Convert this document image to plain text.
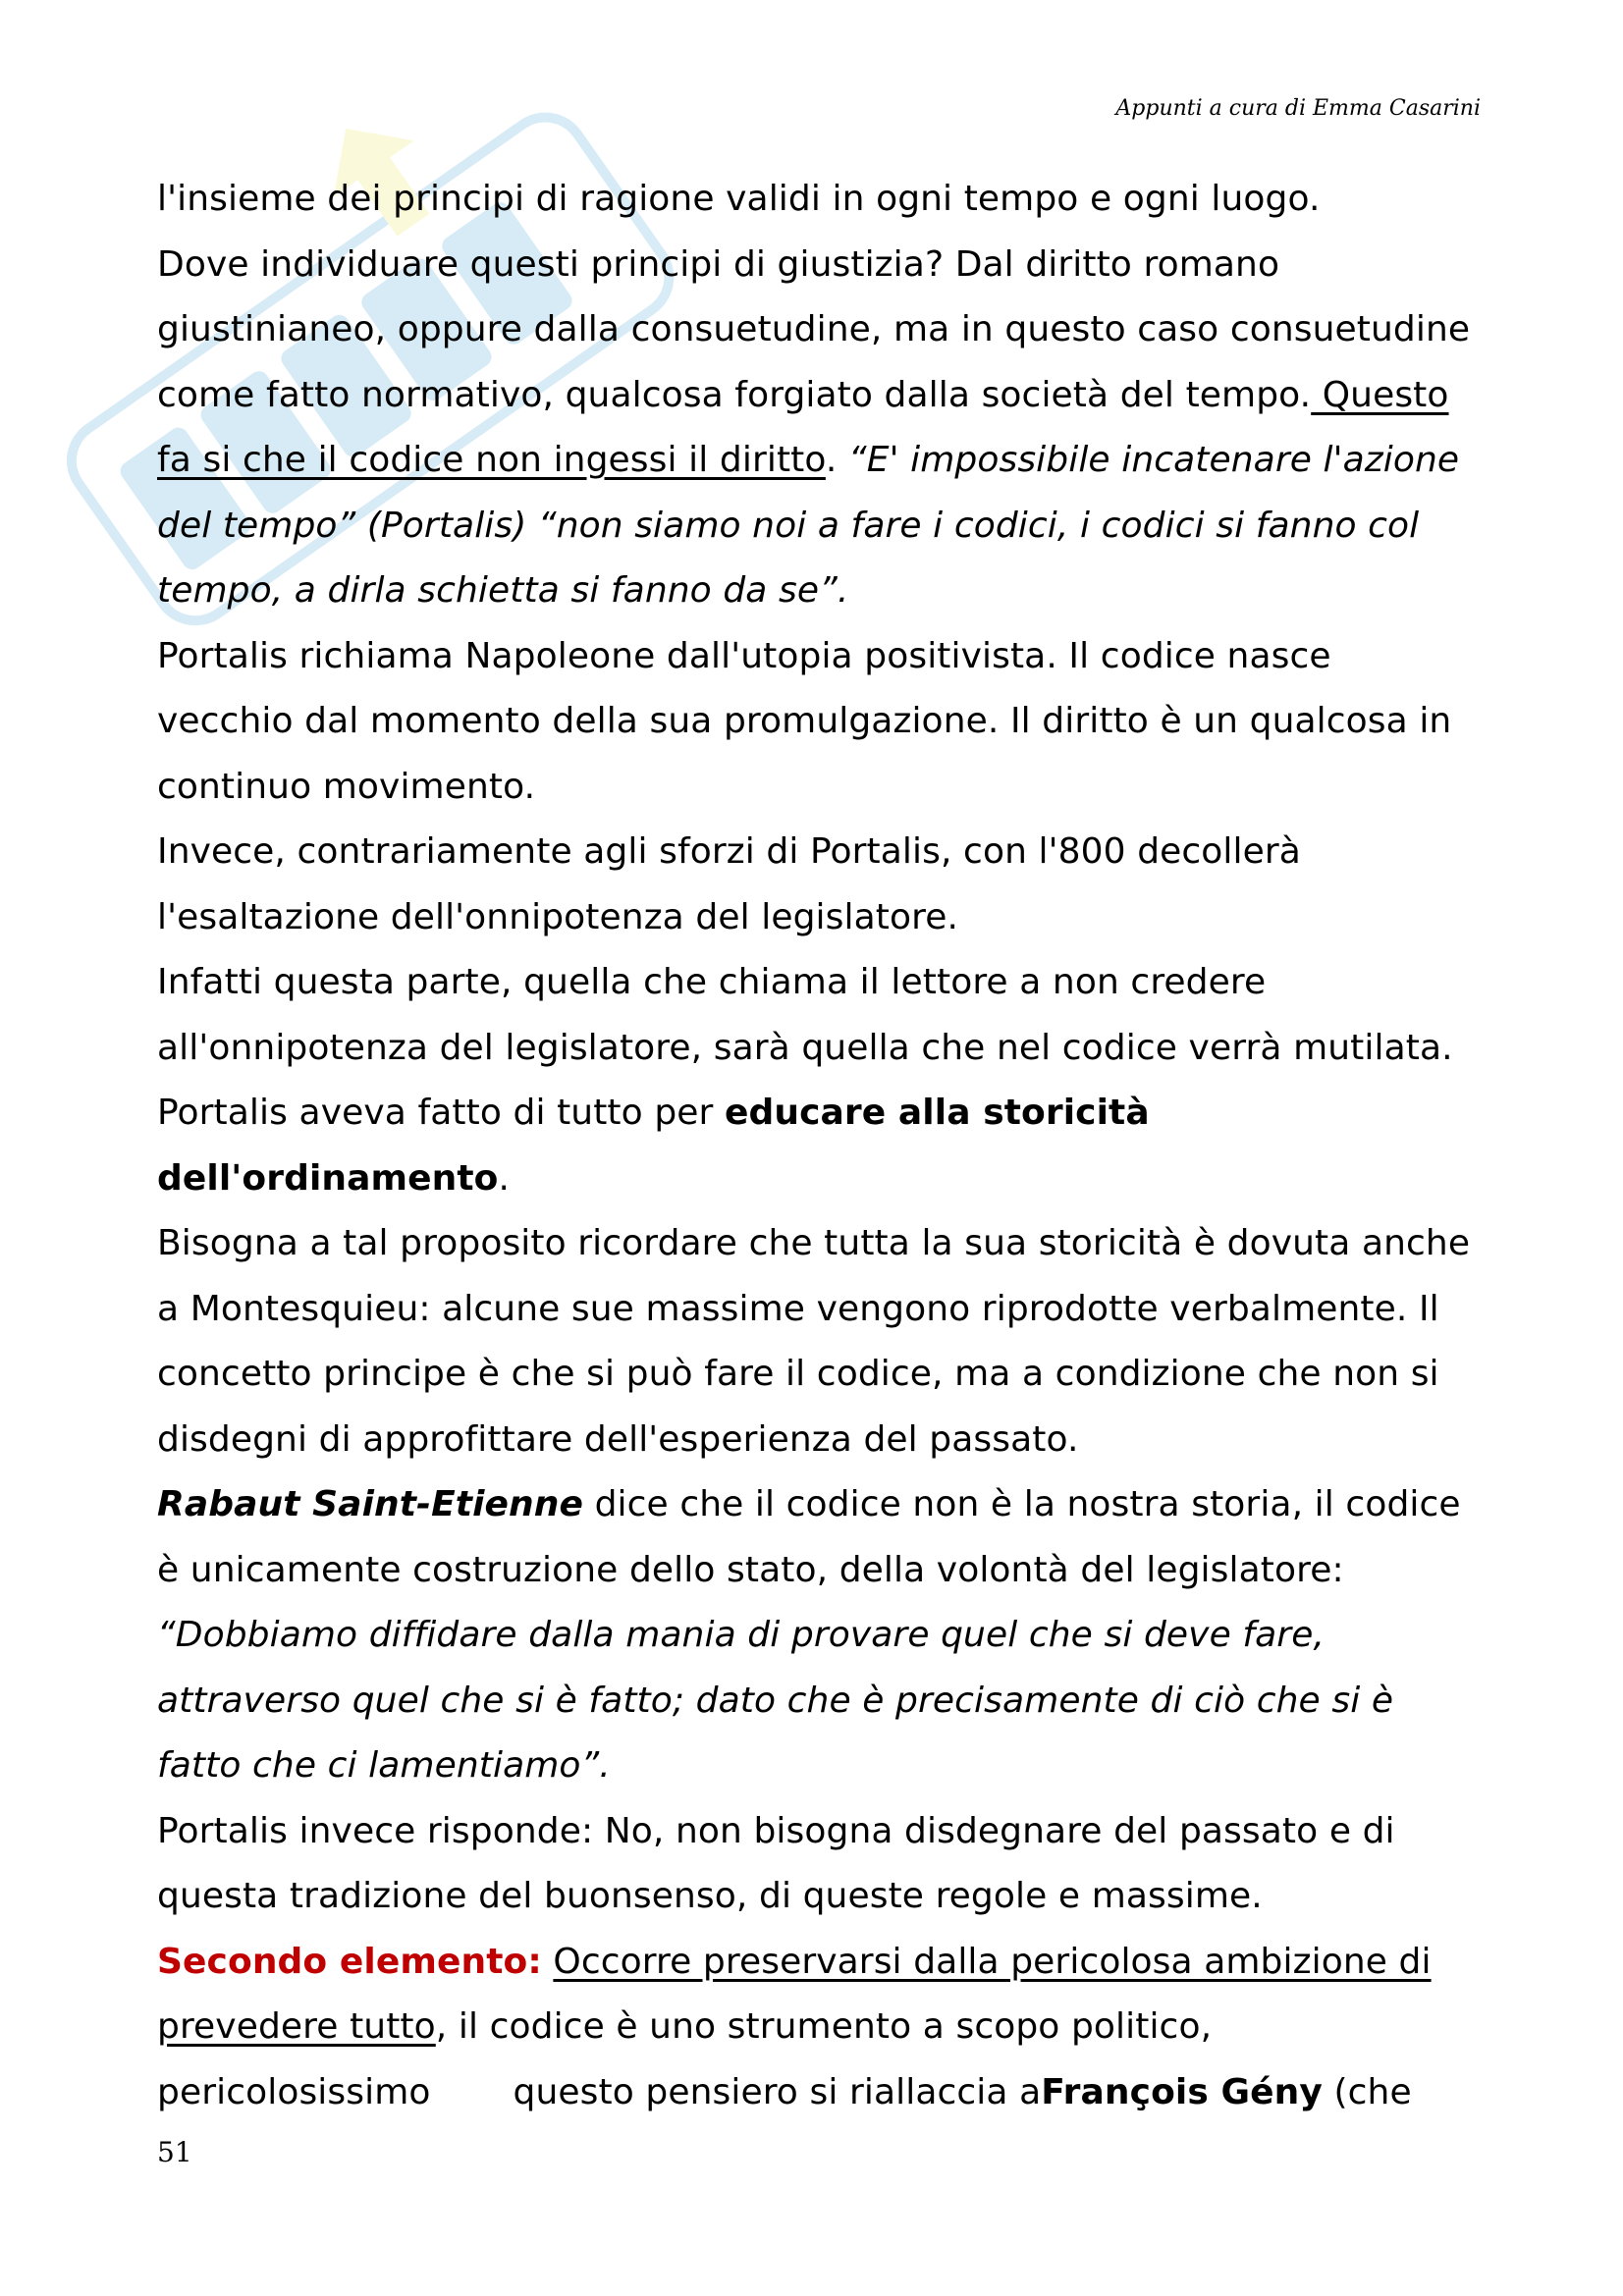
Appunti a cura di Emma Casarini
l'insieme dei principi di ragione validi in ogni tempo e ogni luogo.
Dove individuare questi principi di giustizia? Dal diritto romano
giustinianeo, oppure dalla consuetudine, ma in questo caso consuetudine
come fatto normativo, qualcosa forgiato dalla società del tempo. Questo
fa si che il codice non ingessi il diritto. “E' impossibile incatenare l'azione
del tempo” (Portalis) “non siamo noi a fare i codici, i codici si fanno col
tempo, a dirla schietta si fanno da se”.
Portalis richiama Napoleone dall'utopia positivista. Il codice nasce
vecchio dal momento della sua promulgazione. Il diritto è un qualcosa in
continuo movimento.
Invece, contrariamente agli sforzi di Portalis, con l'800 decollerà
l'esaltazione dell'onnipotenza del legislatore.
Infatti questa parte, quella che chiama il lettore a non credere
all'onnipotenza del legislatore, sarà quella che nel codice verrà mutilata.
Portalis aveva fatto di tutto per educare alla storicità
dell'ordinamento.
Bisogna a tal proposito ricordare che tutta la sua storicità è dovuta anche
a Montesquieu: alcune sue massime vengono riprodotte verbalmente. Il
concetto principe è che si può fare il codice, ma a condizione che non si
disdegni di approfittare dell'esperienza del passato.
Rabaut Saint-Etienne dice che il codice non è la nostra storia, il codice
è unicamente costruzione dello stato, della volontà del legislatore:
“Dobbiamo diffidare dalla mania di provare quel che si deve fare,
attraverso quel che si è fatto; dato che è precisamente di ciò che si è
fatto che ci lamentiamo”.
Portalis invece risponde: No, non bisogna disdegnare del passato e di
questa tradizione del buonsenso, di queste regole e massime.
Secondo elemento: Occorre preservarsi dalla pericolosa ambizione di
prevedere tutto, il codice è uno strumento a scopo politico,
pericolosissimo questo pensiero si riallaccia aFrançois Gény (che
51
